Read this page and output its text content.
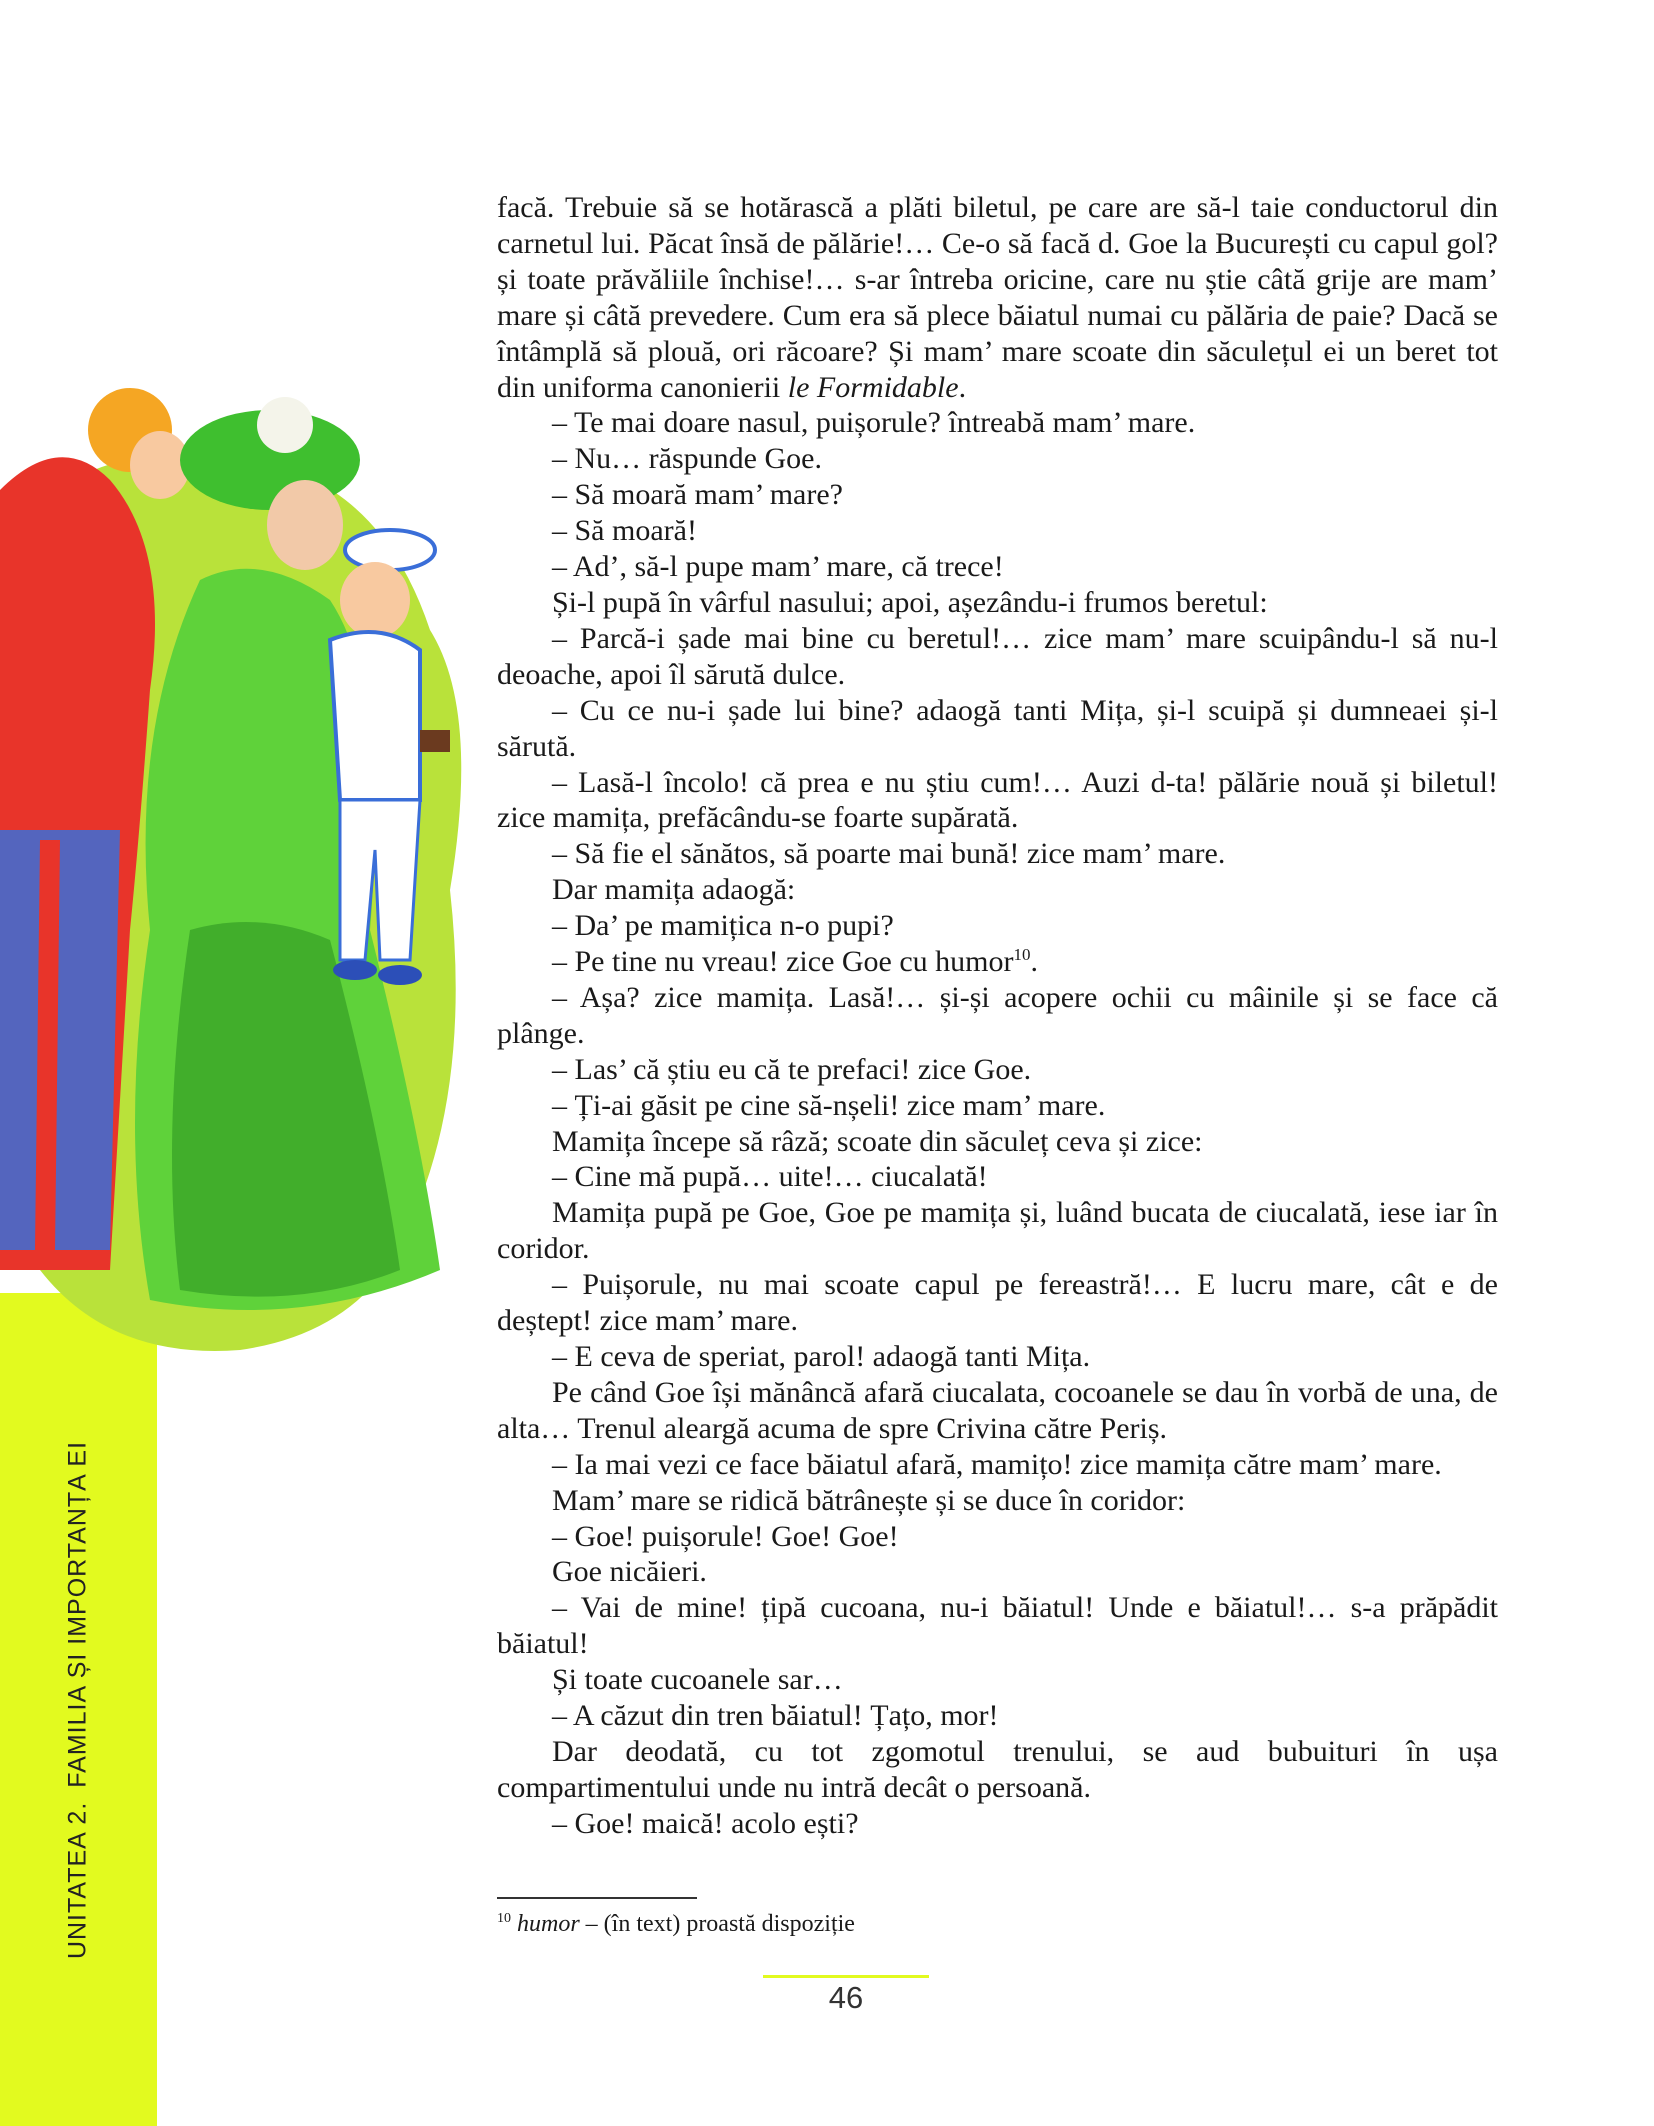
UNITATEA 2.FAMILIA ȘI IMPORTANȚA EI

facă. Trebuie să se hotărască a plăti biletul, pe care are să-l taie conductorul din carnetul lui. Păcat însă de pălărie!… Ce-o să facă d. Goe la București cu capul gol? și toate prăvăliile închise!… s-ar întreba oricine, care nu știe câtă grije are mam’ mare și câtă prevedere. Cum era să plece băiatul numai cu pălăria de paie? Dacă se întâmplă să plouă, ori răcoare? Și mam’ mare scoate din săculețul ei un beret tot din uniforma canonierii le Formidable.

– Te mai doare nasul, puișorule? întreabă mam’ mare.

– Nu… răspunde Goe.

– Să moară mam’ mare?

– Să moară!

– Ad’, să-l pupe mam’ mare, că trece!

Și-l pupă în vârful nasului; apoi, așezându-i frumos beretul:

– Parcă-i șade mai bine cu beretul!… zice mam’ mare scuipându-l să nu-l deoache, apoi îl sărută dulce.

– Cu ce nu-i șade lui bine? adaogă tanti Mița, și-l scuipă și dumneaei și-l sărută.

– Lasă-l încolo! că prea e nu știu cum!… Auzi d-ta! pălărie nouă și biletul! zice mamița, prefăcându-se foarte supărată.

– Să fie el sănătos, să poarte mai bună! zice mam’ mare.

Dar mamița adaogă:

– Da’ pe mamițica n-o pupi?

– Pe tine nu vreau! zice Goe cu humor$^{10}$.

– Așa? zice mamița. Lasă!… și-și acopere ochii cu mâinile și se face că plânge.

– Las’ că știu eu că te prefaci! zice Goe.

– Ți-ai găsit pe cine să-nșeli! zice mam’ mare.

Mamița începe să râză; scoate din săculeț ceva și zice:

– Cine mă pupă… uite!… ciucalată!

Mamița pupă pe Goe, Goe pe mamița și, luând bucata de ciucalată, iese iar în coridor.

– Puișorule, nu mai scoate capul pe fereastră!… E lucru mare, cât e de deștept! zice mam’ mare.

– E ceva de speriat, parol! adaogă tanti Mița.

Pe când Goe își mănâncă afară ciucalata, cocoanele se dau în vorbă de una, de alta… Trenul aleargă acuma de spre Crivina către Periș.

– Ia mai vezi ce face băiatul afară, mamițo! zice mamița către mam’ mare.

Mam’ mare se ridică bătrânește și se duce în coridor:

– Goe! puișorule! Goe! Goe!

Goe nicăieri.

– Vai de mine! țipă cucoana, nu-i băiatul! Unde e băiatul!… s-a prăpădit băiatul!

Și toate cucoanele sar…

– A căzut din tren băiatul! Țațo, mor!

Dar deodată, cu tot zgomotul trenului, se aud bubuituri în ușa compartimentului unde nu intră decât o persoană.

– Goe! maică! acolo ești?

$^{10}$ humor – (în text) proastă dispoziție
46
